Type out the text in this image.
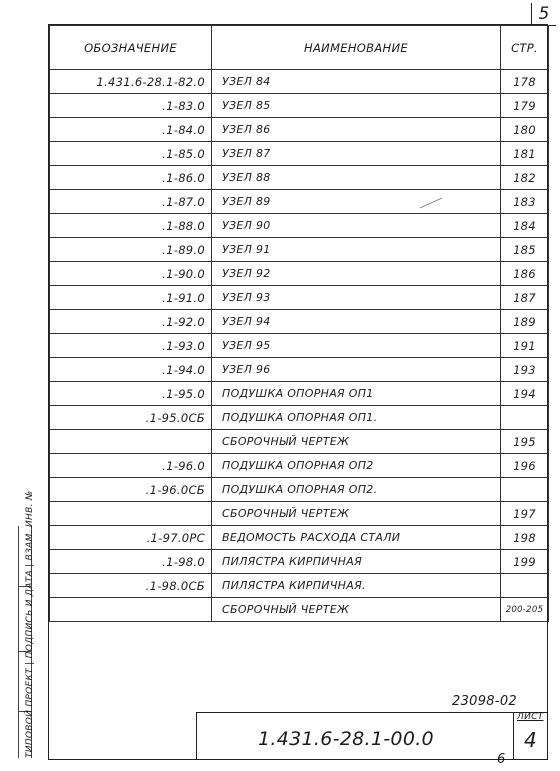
5
ОБОЗНАЧЕНИЕ	НАИМЕНОВАНИЕ	СТР.
1.431.6-28.1-82.0	УЗЕЛ 84	178
.1-83.0	УЗЕЛ 85	179
.1-84.0	УЗЕЛ 86	180
.1-85.0	УЗЕЛ 87	181
.1-86.0	УЗЕЛ 88	182
.1-87.0	УЗЕЛ 89	183
.1-88.0	УЗЕЛ 90	184
.1-89.0	УЗЕЛ 91	185
.1-90.0	УЗЕЛ 92	186
.1-91.0	УЗЕЛ 93	187
.1-92.0	УЗЕЛ 94	189
.1-93.0	УЗЕЛ 95	191
.1-94.0	УЗЕЛ 96	193
.1-95.0	ПОДУШКА ОПОРНАЯ ОП1	194
.1-95.0СБ	ПОДУШКА ОПОРНАЯ ОП1.	
	СБОРОЧНЫЙ ЧЕРТЕЖ	195
.1-96.0	ПОДУШКА ОПОРНАЯ ОП2	196
.1-96.0СБ	ПОДУШКА ОПОРНАЯ ОП2.	
	СБОРОЧНЫЙ ЧЕРТЕЖ	197
.1-97.0РС	ВЕДОМОСТЬ РАСХОДА СТАЛИ	198
.1-98.0	ПИЛЯСТРА КИРПИЧНАЯ	199
.1-98.0СБ	ПИЛЯСТРА КИРПИЧНАЯ.	
	СБОРОЧНЫЙ ЧЕРТЕЖ	200-205
ТИПОВОЙ ПРОЕКТ | ПОДПИСЬ И ДАТА | ВЗАМ. ИНВ. №	23098-02
1.431.6-28.1-00.0
ЛИСТ
4
6
